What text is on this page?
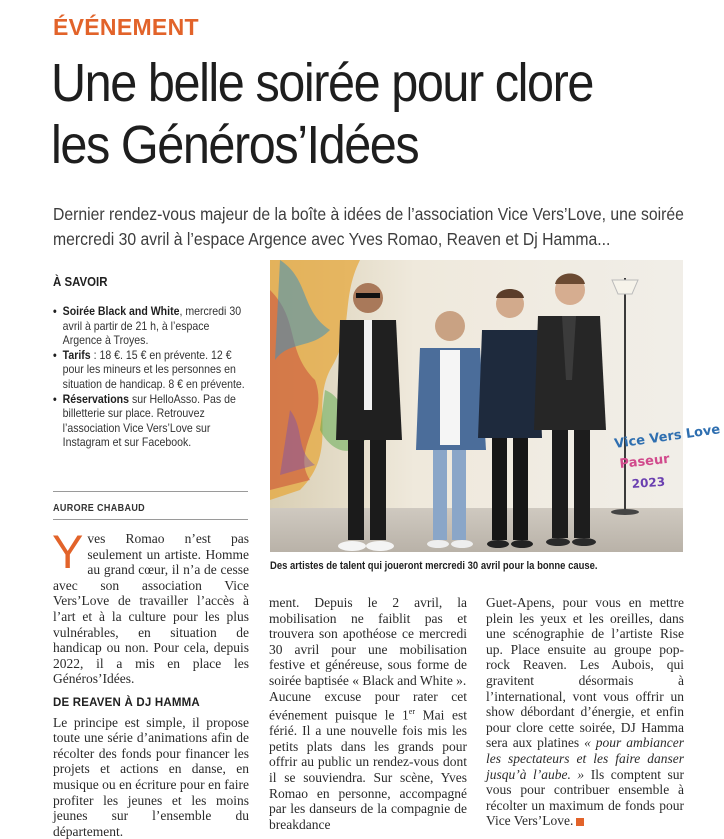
ÉVÉNEMENT
Une belle soirée pour clore
les Généros’Idées

Dernier rendez-vous majeur de la boîte à idées de l’association Vice Vers’Love, une soirée mercredi 30 avril à l’espace Argence avec Yves Romao, Reaven et Dj Hamma...

À SAVOIR
• Soirée Black and White, mercredi 30 avril à partir de 21 h, à l’espace Argence à Troyes.
• Tarifs : 18 €. 15 € en prévente. 12 € pour les mineurs et les personnes en situation de handicap. 8 € en prévente.
• Réservations sur HelloAsso. Pas de billetterie sur place. Retrouvez l’association Vice Vers’Love sur Instagram et sur Facebook.
AURORE CHABAUD
Vice Vers Love
Paseur
2023
Des artistes de talent qui joueront mercredi 30 avril pour la bonne cause.

Yves Romao n’est pas seulement un artiste. Homme au grand cœur, il n’a de cesse avec son association Vice Vers’Love de travailler l’accès à l’art et à la culture pour les plus vulnérables, en situation de handicap ou non. Pour cela, depuis 2022, il a mis en place les Généros’Idées.

DE REAVEN À DJ HAMMA

Le principe est simple, il propose toute une série d’animations afin de récolter des fonds pour financer les projets et actions en danse, en musique ou en écriture pour en faire profiter les jeunes et les moins jeunes sur l’ensemble du département.

ment. Depuis le 2 avril, la mobilisation ne faiblit pas et trouvera son apothéose ce mercredi 30 avril pour une mobilisation festive et généreuse, sous forme de soirée baptisée « Black and White ».

Aucune excuse pour rater cet événement puisque le 1er Mai est férié. Il a une nouvelle fois mis les petits plats dans les grands pour offrir au public un rendez-vous dont il se souviendra. Sur scène, Yves Romao en personne, accompagné par les danseurs de la compagnie de breakdance

Guet-Apens, pour vous en mettre plein les yeux et les oreilles, dans une scénographie de l’artiste Rise up. Place ensuite au groupe pop-rock Reaven. Les Aubois, qui gravitent désormais à l’international, vont vous offrir un show débordant d’énergie, et enfin pour clore cette soirée, DJ Hamma sera aux platines « pour ambiancer les spectateurs et les faire danser jusqu’à l’aube. » Ils comptent sur vous pour contribuer ensemble à récolter un maximum de fonds pour Vice Vers’Love.
